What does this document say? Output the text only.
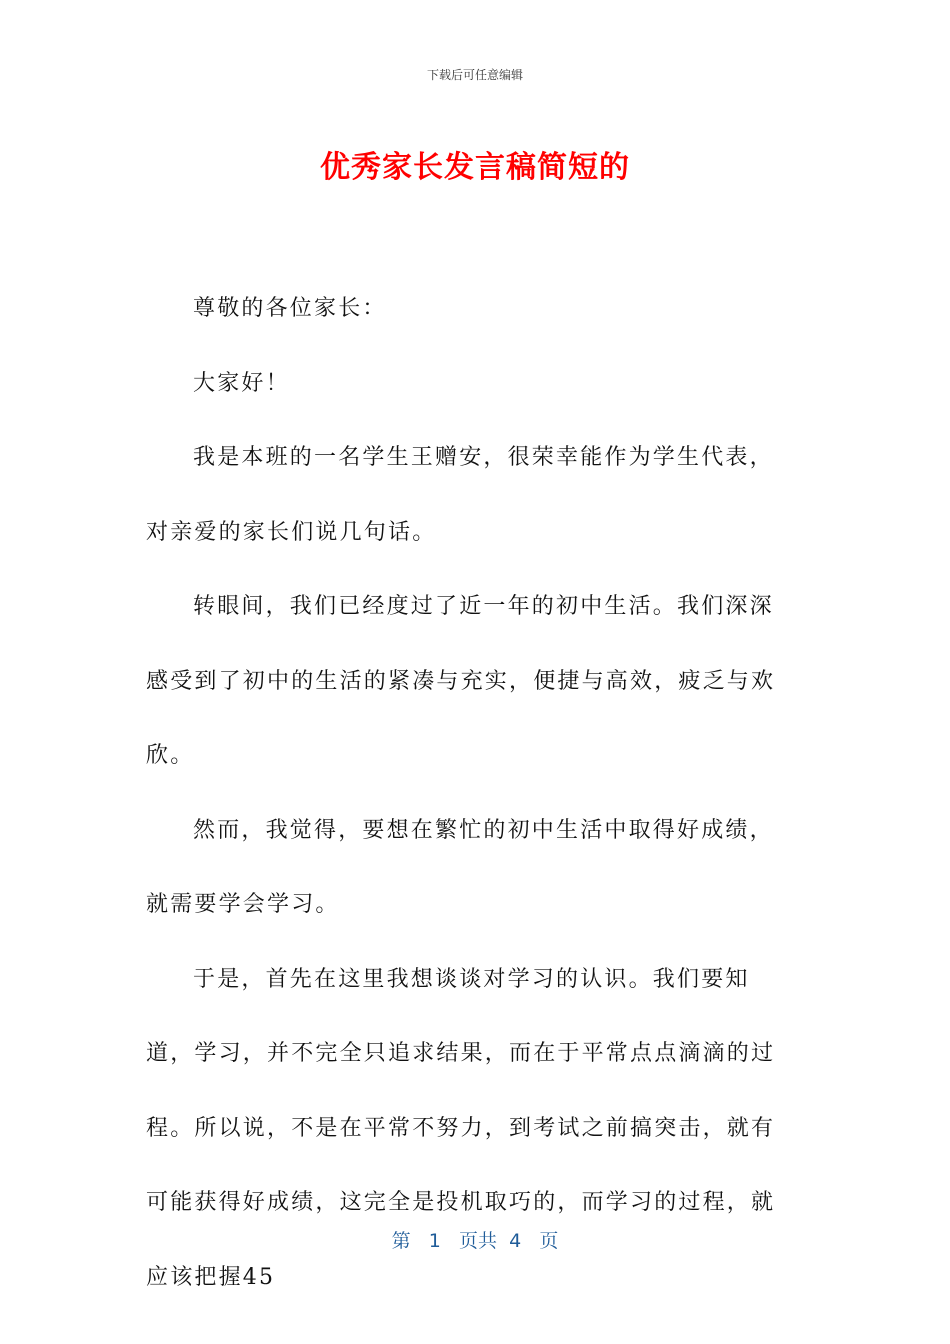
下载后可任意编辑
优秀家长发言稿简短的

尊敬的各位家长：

大家好！

我是本班的一名学生王赠安，很荣幸能作为学生代表，对亲爱的家长们说几句话。

转眼间，我们已经度过了近一年的初中生活。我们深深感受到了初中的生活的紧凑与充实，便捷与高效，疲乏与欢欣。

然而，我觉得，要想在繁忙的初中生活中取得好成绩，就需要学会学习。

于是，首先在这里我想谈谈对学习的认识。我们要知道，学习，并不完全只追求结果，而在于平常点点滴滴的过程。所以说，不是在平常不努力，到考试之前搞突击，就有可能获得好成绩，这完全是投机取巧的，而学习的过程，就应该把握45

第 1 页共 4 页
